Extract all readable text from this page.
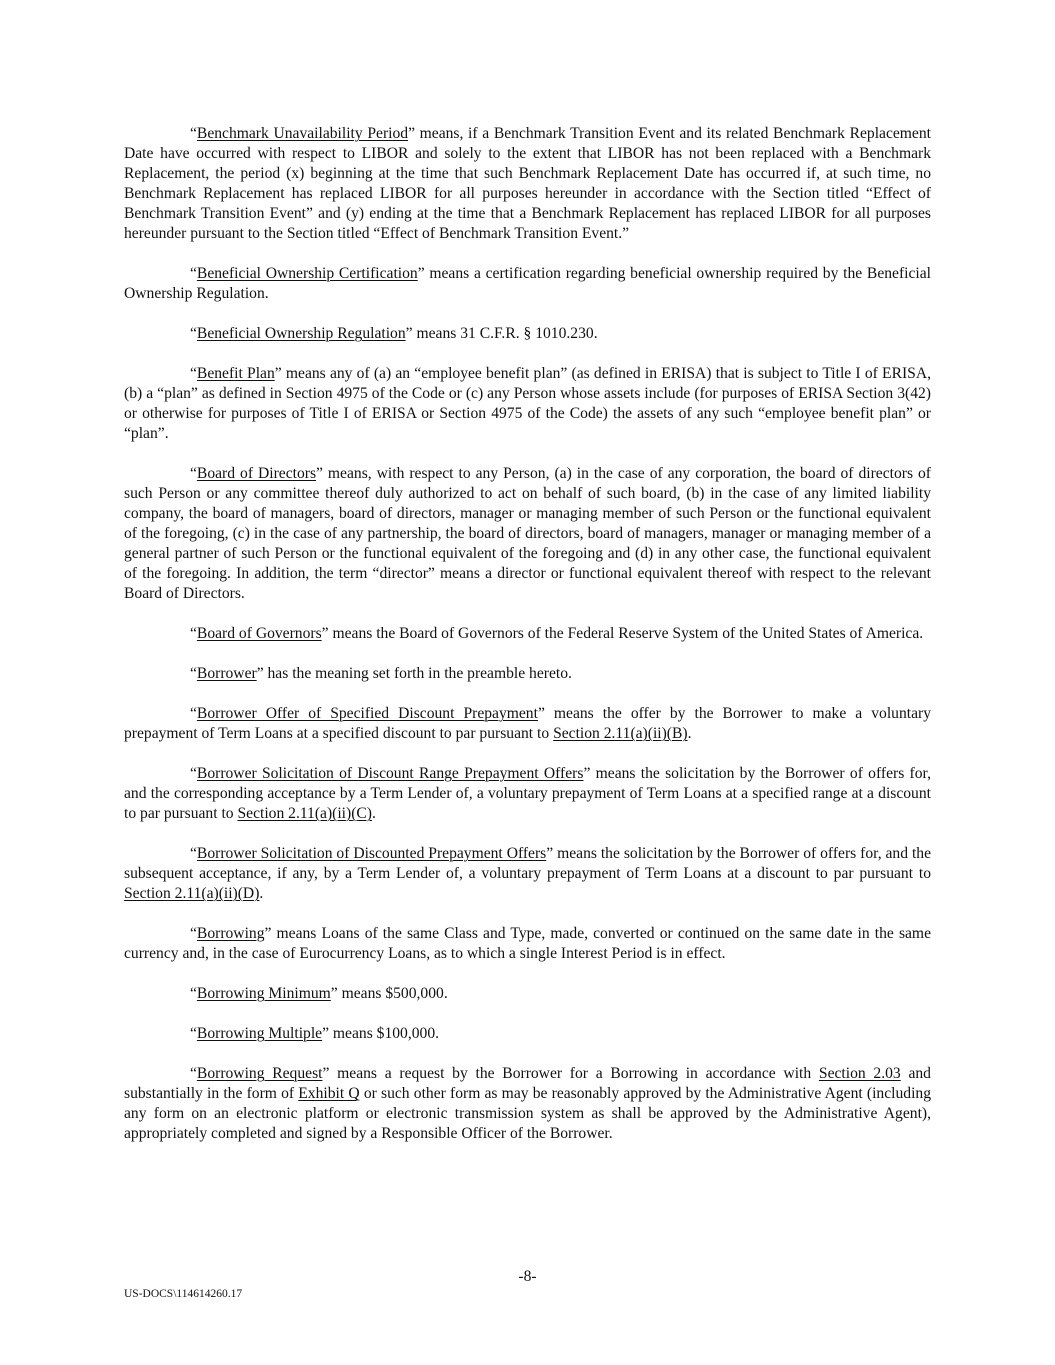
“Benchmark Unavailability Period” means, if a Benchmark Transition Event and its related Benchmark Replacement Date have occurred with respect to LIBOR and solely to the extent that LIBOR has not been replaced with a Benchmark Replacement, the period (x) beginning at the time that such Benchmark Replacement Date has occurred if, at such time, no Benchmark Replacement has replaced LIBOR for all purposes hereunder in accordance with the Section titled “Effect of Benchmark Transition Event” and (y) ending at the time that a Benchmark Replacement has replaced LIBOR for all purposes hereunder pursuant to the Section titled “Effect of Benchmark Transition Event.”

“Beneficial Ownership Certification” means a certification regarding beneficial ownership required by the Beneficial Ownership Regulation.

“Beneficial Ownership Regulation” means 31 C.F.R. § 1010.230.

“Benefit Plan” means any of (a) an “employee benefit plan” (as defined in ERISA) that is subject to Title I of ERISA, (b) a “plan” as defined in Section 4975 of the Code or (c) any Person whose assets include (for purposes of ERISA Section 3(42) or otherwise for purposes of Title I of ERISA or Section 4975 of the Code) the assets of any such “employee benefit plan” or “plan”.

“Board of Directors” means, with respect to any Person, (a) in the case of any corporation, the board of directors of such Person or any committee thereof duly authorized to act on behalf of such board, (b) in the case of any limited liability company, the board of managers, board of directors, manager or managing member of such Person or the functional equivalent of the foregoing, (c) in the case of any partnership, the board of directors, board of managers, manager or managing member of a general partner of such Person or the functional equivalent of the foregoing and (d) in any other case, the functional equivalent of the foregoing. In addition, the term “director” means a director or functional equivalent thereof with respect to the relevant Board of Directors.

“Board of Governors” means the Board of Governors of the Federal Reserve System of the United States of America.

“Borrower” has the meaning set forth in the preamble hereto.

“Borrower Offer of Specified Discount Prepayment” means the offer by the Borrower to make a voluntary prepayment of Term Loans at a specified discount to par pursuant to Section 2.11(a)(ii)(B).

“Borrower Solicitation of Discount Range Prepayment Offers” means the solicitation by the Borrower of offers for, and the corresponding acceptance by a Term Lender of, a voluntary prepayment of Term Loans at a specified range at a discount to par pursuant to Section 2.11(a)(ii)(C).

“Borrower Solicitation of Discounted Prepayment Offers” means the solicitation by the Borrower of offers for, and the subsequent acceptance, if any, by a Term Lender of, a voluntary prepayment of Term Loans at a discount to par pursuant to Section 2.11(a)(ii)(D).

“Borrowing” means Loans of the same Class and Type, made, converted or continued on the same date in the same currency and, in the case of Eurocurrency Loans, as to which a single Interest Period is in effect.

“Borrowing Minimum” means $500,000.

“Borrowing Multiple” means $100,000.

“Borrowing Request” means a request by the Borrower for a Borrowing in accordance with Section 2.03 and substantially in the form of Exhibit Q or such other form as may be reasonably approved by the Administrative Agent (including any form on an electronic platform or electronic transmission system as shall be approved by the Administrative Agent), appropriately completed and signed by a Responsible Officer of the Borrower.

-8-
US-DOCS\114614260.17
